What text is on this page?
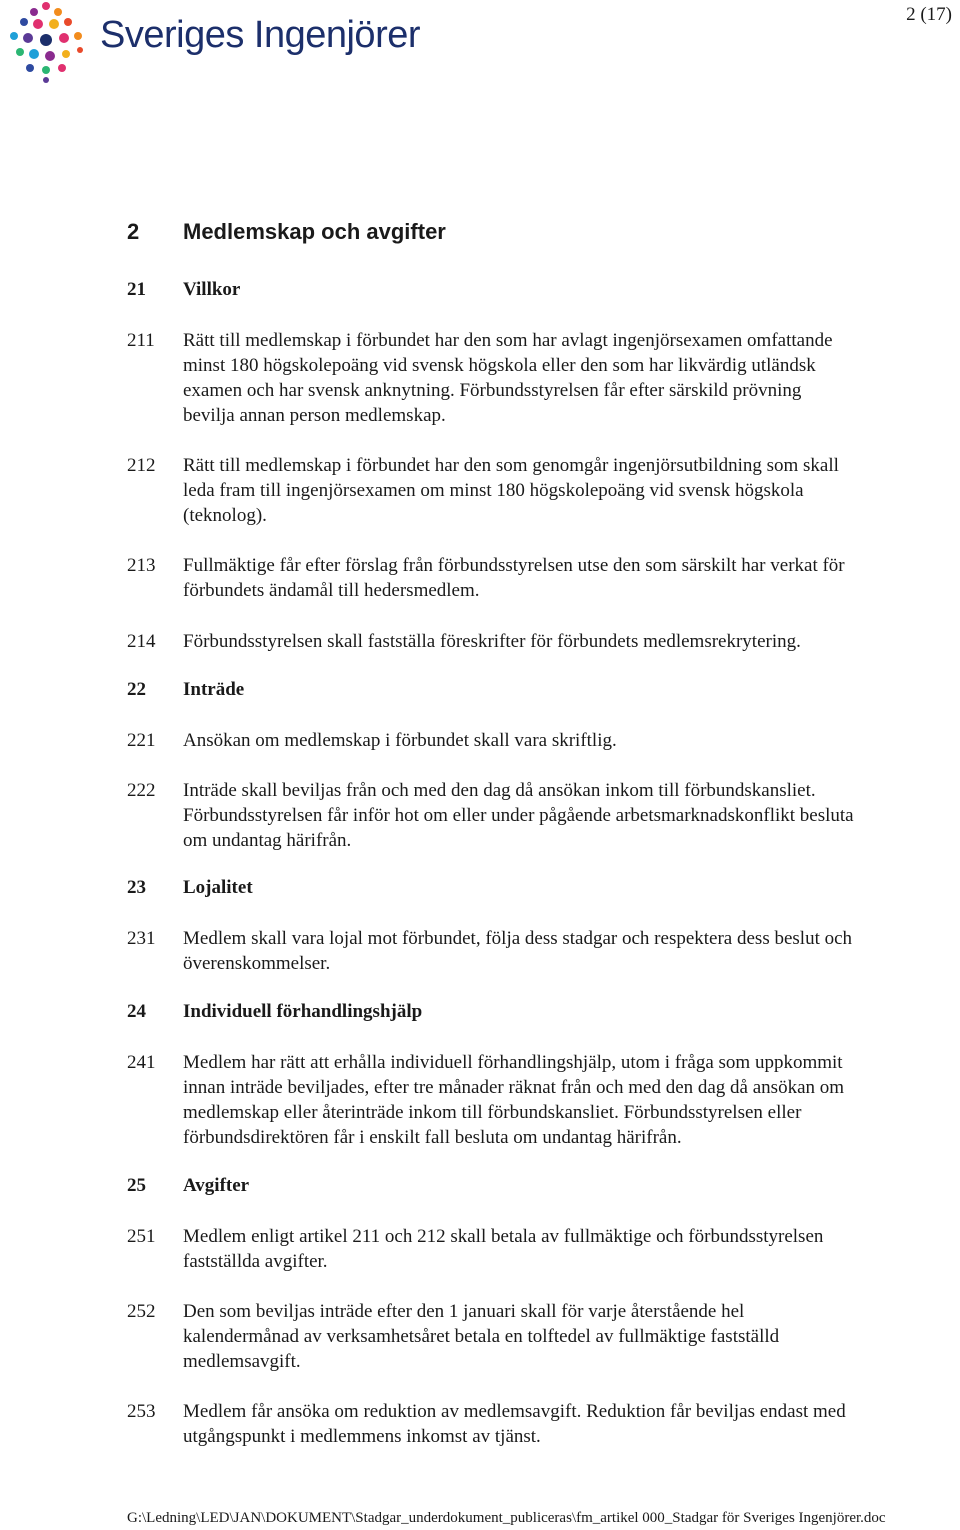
Sveriges Ingenjörer	2 (17)
2 Medlemskap och avgifter
21 Villkor
211 Rätt till medlemskap i förbundet har den som har avlagt ingenjörsexamen omfattande
minst 180 högskolepoäng vid svensk högskola eller den som har likvärdig utländsk
examen och har svensk anknytning. Förbundsstyrelsen får efter särskild prövning
bevilja annan person medlemskap.
212 Rätt till medlemskap i förbundet har den som genomgår ingenjörsutbildning som skall
leda fram till ingenjörsexamen om minst 180 högskolepoäng vid svensk högskola
(teknolog).
213 Fullmäktige får efter förslag från förbundsstyrelsen utse den som särskilt har verkat för
förbundets ändamål till hedersmedlem.
214 Förbundsstyrelsen skall fastställa föreskrifter för förbundets medlemsrekrytering.
22 Inträde
221 Ansökan om medlemskap i förbundet skall vara skriftlig.
222 Inträde skall beviljas från och med den dag då ansökan inkom till förbundskansliet.
Förbundsstyrelsen får inför hot om eller under pågående arbetsmarknadskonflikt besluta
om undantag härifrån.
23 Lojalitet
231 Medlem skall vara lojal mot förbundet, följa dess stadgar och respektera dess beslut och
överenskommelser.
24 Individuell förhandlingshjälp
241 Medlem har rätt att erhålla individuell förhandlingshjälp, utom i fråga som uppkommit
innan inträde beviljades, efter tre månader räknat från och med den dag då ansökan om
medlemskap eller återinträde inkom till förbundskansliet. Förbundsstyrelsen eller
förbundsdirektören får i enskilt fall besluta om undantag härifrån.
25 Avgifter
251 Medlem enligt artikel 211 och 212 skall betala av fullmäktige och förbundsstyrelsen
fastställda avgifter.
252 Den som beviljas inträde efter den 1 januari skall för varje återstående hel
kalendermånad av verksamhetsåret betala en tolftedel av fullmäktige fastställd
medlemsavgift.
253 Medlem får ansöka om reduktion av medlemsavgift. Reduktion får beviljas endast med
utgångspunkt i medlemmens inkomst av tjänst.
G:\Ledning\LED\JAN\DOKUMENT\Stadgar_underdokument_publiceras\fm_artikel 000_Stadgar för Sveriges Ingenjörer.doc
